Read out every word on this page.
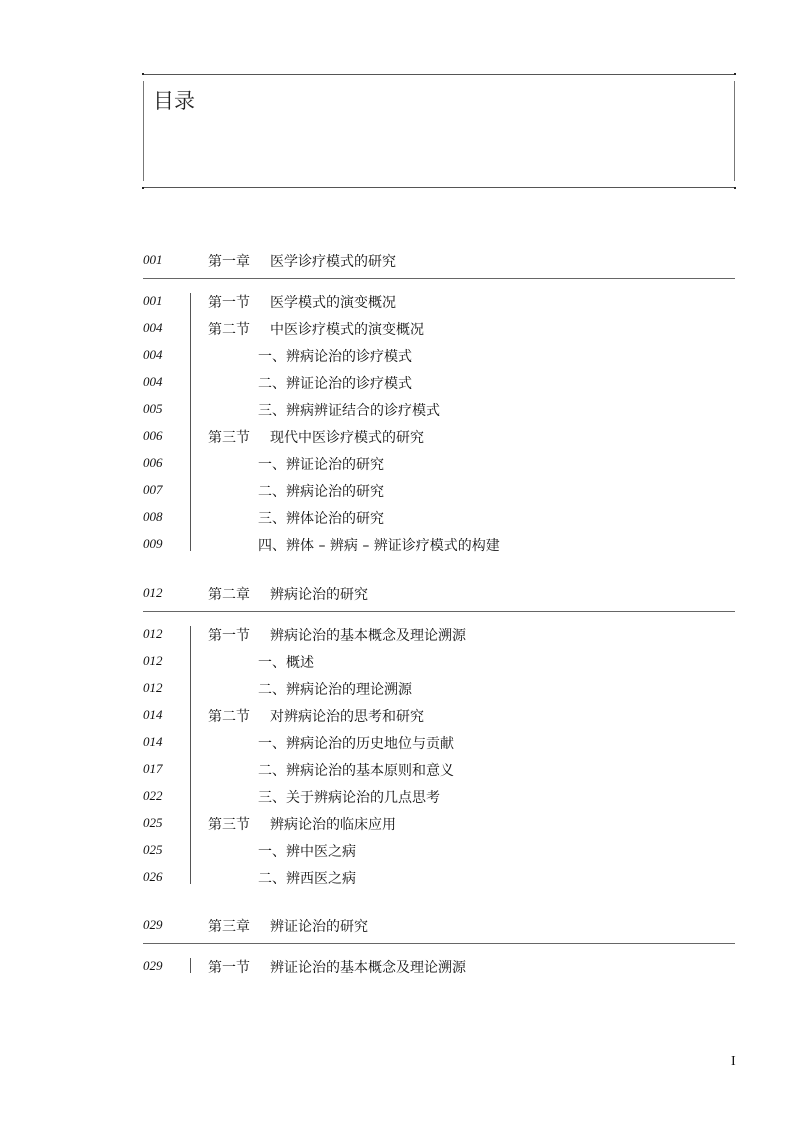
目录
001	第一章 医学诊疗模式的研究
001	第一节 医学模式的演变概况
004	第二节 中医诊疗模式的演变概况
004	一、辨病论治的诊疗模式
004	二、辨证论治的诊疗模式
005	三、辨病辨证结合的诊疗模式
006	第三节 现代中医诊疗模式的研究
006	一、辨证论治的研究
007	二、辨病论治的研究
008	三、辨体论治的研究
009	四、辨体 – 辨病 – 辨证诊疗模式的构建
012	第二章 辨病论治的研究
012	第一节 辨病论治的基本概念及理论溯源
012	一、概述
012	二、辨病论治的理论溯源
014	第二节 对辨病论治的思考和研究
014	一、辨病论治的历史地位与贡献
017	二、辨病论治的基本原则和意义
022	三、关于辨病论治的几点思考
025	第三节 辨病论治的临床应用
025	一、辨中医之病
026	二、辨西医之病
029	第三章 辨证论治的研究
029	第一节 辨证论治的基本概念及理论溯源
I
